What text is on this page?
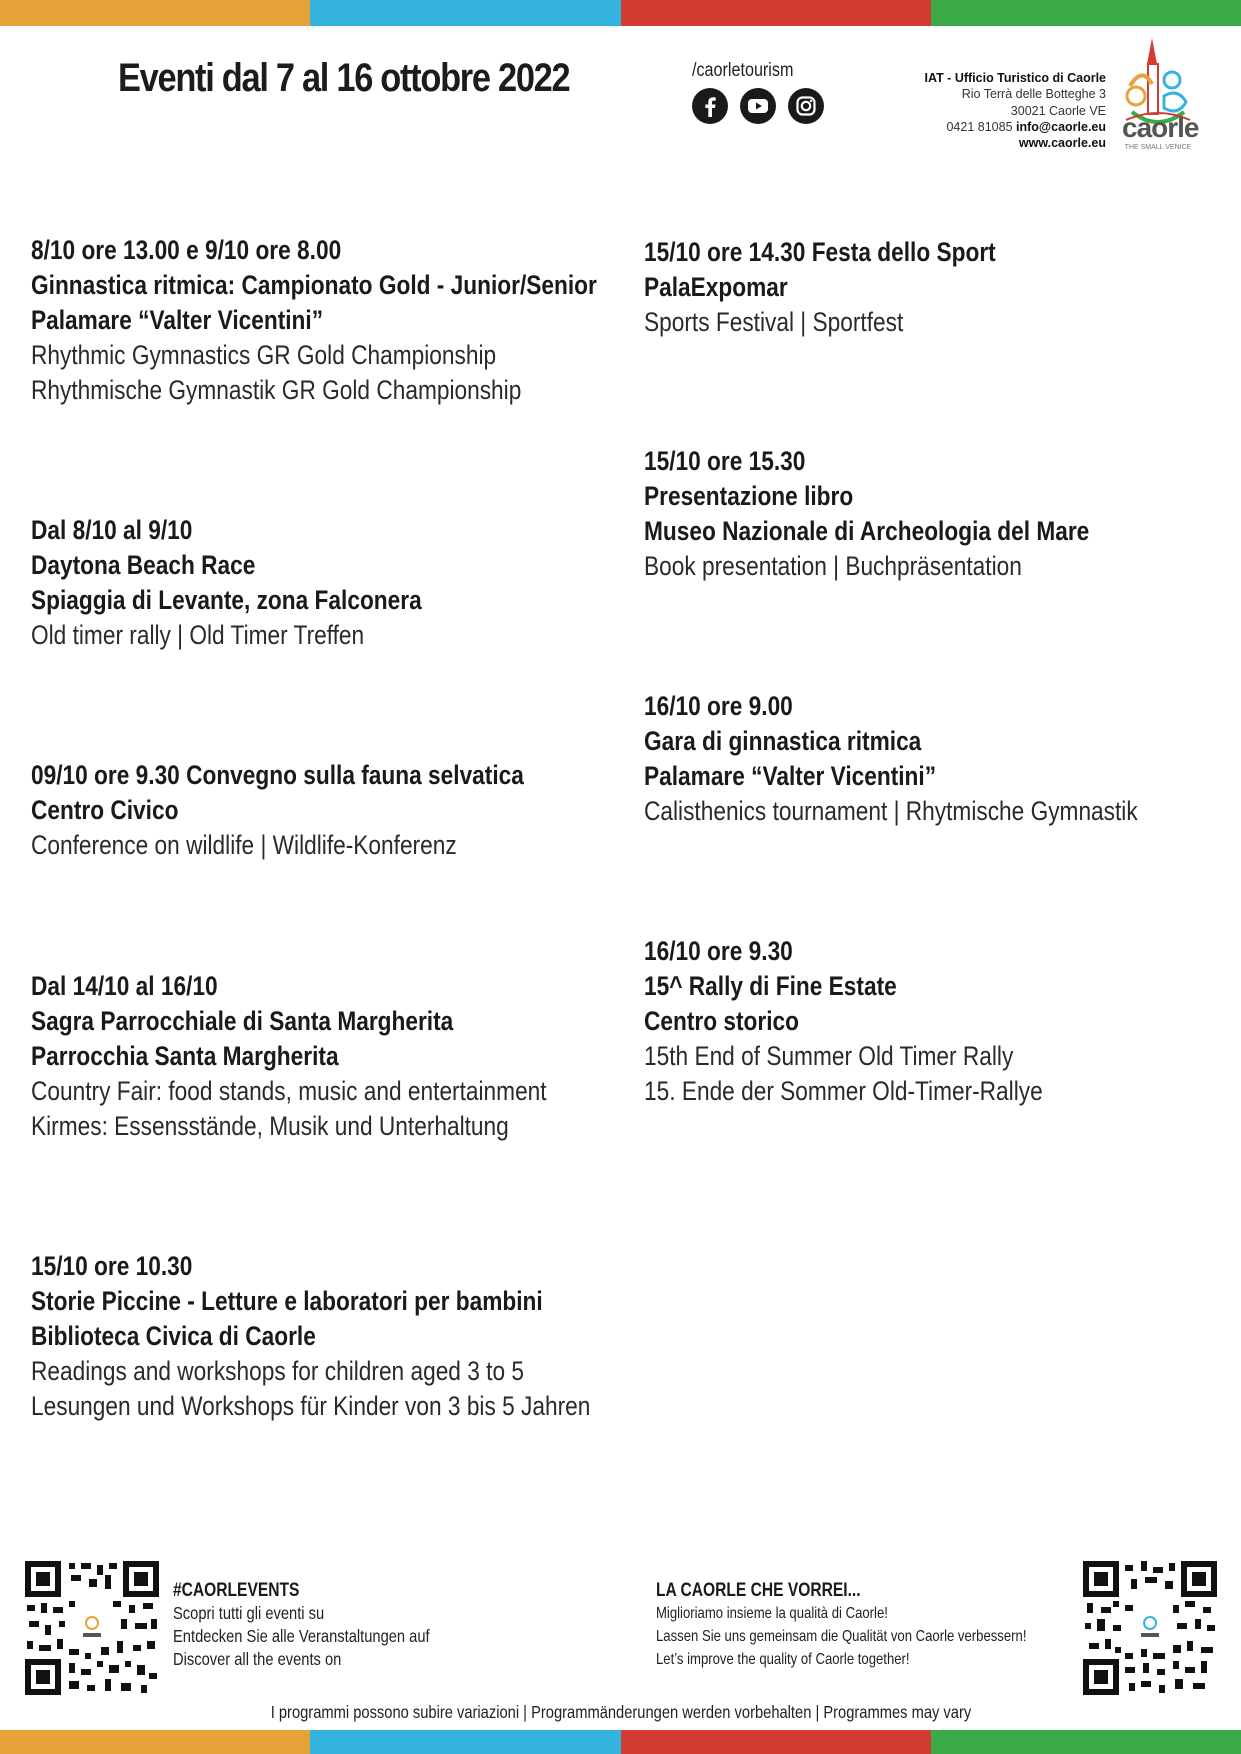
Eventi dal 7 al 16 ottobre 2022	/caorletourism	IAT - Ufficio Turistico di Caorle
Rio Terrà delle Botteghe 3
30021 Caorle VE
0421 81085 info@caorle.eu
www.caorle.eu
caorle
THE SMALL VENICE
8/10 ore 13.00 e 9/10 ore 8.00
Ginnastica ritmica: Campionato Gold - Junior/Senior
Palamare “Valter Vicentini”
Rhythmic Gymnastics GR Gold Championship
Rhythmische Gymnastik GR Gold Championship
Dal 8/10 al 9/10
Daytona Beach Race
Spiaggia di Levante, zona Falconera
Old timer rally | Old Timer Treffen
09/10 ore 9.30 Convegno sulla fauna selvatica
Centro Civico
Conference on wildlife | Wildlife-Konferenz
Dal 14/10 al 16/10
Sagra Parrocchiale di Santa Margherita
Parrocchia Santa Margherita
Country Fair: food stands, music and entertainment
Kirmes: Essensstände, Musik und Unterhaltung
15/10 ore 10.30
Storie Piccine - Letture e laboratori per bambini
Biblioteca Civica di Caorle
Readings and workshops for children aged 3 to 5
Lesungen und Workshops für Kinder von 3 bis 5 Jahren
15/10 ore 14.30 Festa dello Sport
PalaExpomar
Sports Festival | Sportfest
15/10 ore 15.30
Presentazione libro
Museo Nazionale di Archeologia del Mare
Book presentation | Buchpräsentation
16/10 ore 9.00
Gara di ginnastica ritmica
Palamare “Valter Vicentini”
Calisthenics tournament | Rhytmische Gymnastik
16/10 ore 9.30
15^ Rally di Fine Estate
Centro storico
15th End of Summer Old Timer Rally
15. Ende der Sommer Old-Timer-Rallye
#CAORLEVENTS
Scopri tutti gli eventi su
Entdecken Sie alle Veranstaltungen auf
Discover all the events on
LA CAORLE CHE VORREI...
Miglioriamo insieme la qualità di Caorle!
Lassen Sie uns gemeinsam die Qualität von Caorle verbessern!
Let’s improve the quality of Caorle together!
I programmi possono subire variazioni | Programmänderungen werden vorbehalten | Programmes may vary
